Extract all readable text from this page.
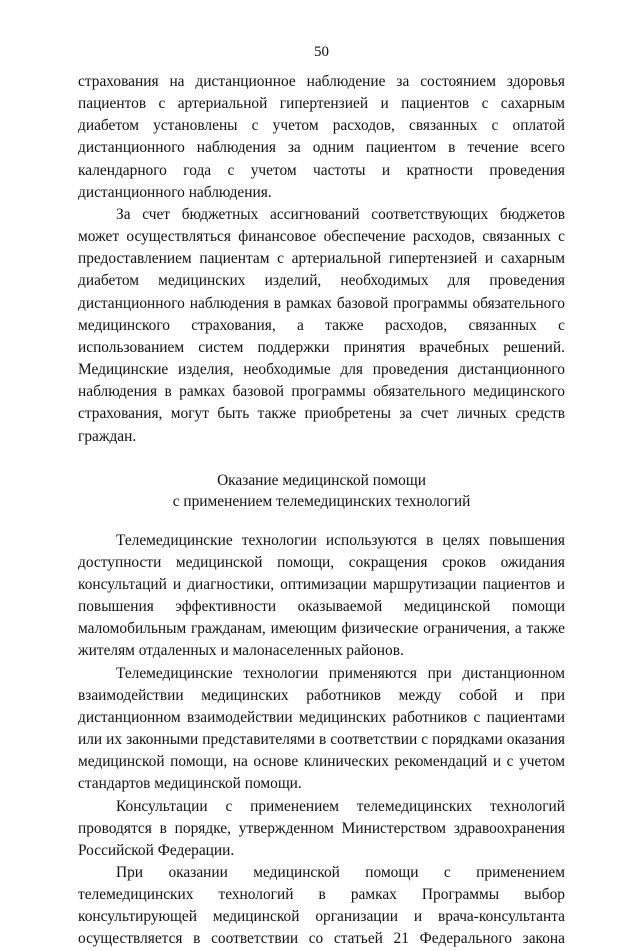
50

страхования на дистанционное наблюдение за состоянием здоровья пациентов с артериальной гипертензией и пациентов с сахарным диабетом установлены с учетом расходов, связанных с оплатой дистанционного наблюдения за одним пациентом в течение всего календарного года с учетом частоты и кратности проведения дистанционного наблюдения.

За счет бюджетных ассигнований соответствующих бюджетов может осуществляться финансовое обеспечение расходов, связанных с предоставлением пациентам с артериальной гипертензией и сахарным диабетом медицинских изделий, необходимых для проведения дистанционного наблюдения в рамках базовой программы обязательного медицинского страхования, а также расходов, связанных с использованием систем поддержки принятия врачебных решений. Медицинские изделия, необходимые для проведения дистанционного наблюдения в рамках базовой программы обязательного медицинского страхования, могут быть также приобретены за счет личных средств граждан.

Оказание медицинской помощи
с применением телемедицинских технологий

Телемедицинские технологии используются в целях повышения доступности медицинской помощи, сокращения сроков ожидания консультаций и диагностики, оптимизации маршрутизации пациентов и повышения эффективности оказываемой медицинской помощи маломобильным гражданам, имеющим физические ограничения, а также жителям отдаленных и малонаселенных районов.

Телемедицинские технологии применяются при дистанционном взаимодействии медицинских работников между собой и при дистанционном взаимодействии медицинских работников с пациентами или их законными представителями в соответствии с порядками оказания медицинской помощи, на основе клинических рекомендаций и с учетом стандартов медицинской помощи.

Консультации с применением телемедицинских технологий проводятся в порядке, утвержденном Министерством здравоохранения Российской Федерации.

При оказании медицинской помощи с применением телемедицинских технологий в рамках Программы выбор консультирующей медицинской организации и врача-консультанта осуществляется в соответствии со статьей 21 Федерального закона
